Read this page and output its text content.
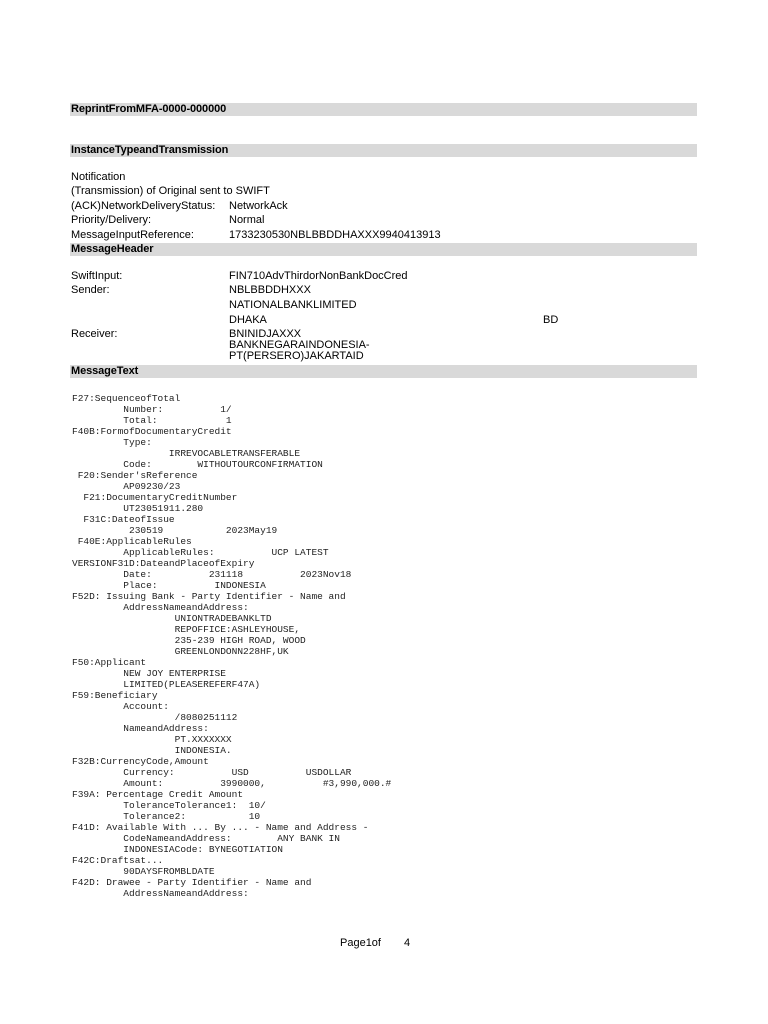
ReprintFromMFA-0000-000000
InstanceTypeandTransmission
Notification
(Transmission) of Original sent to SWIFT
(ACK)NetworkDeliveryStatus: NetworkAck
Priority/Delivery:	Normal
MessageInputReference:	1733230530NBLBBDDHAXXX9940413913
MessageHeader
SwiftInput:	FIN710AdvThirdorNonBankDocCred
Sender:	NBLBBDDHXXX
NATIONALBANKLIMITED
DHAKA	BD
Receiver:	BNINIDJAXXX
BANKNEGARAINDONESIA-
PT(PERSERO)JAKARTAID
MessageText
F27:SequenceofTotal
Number:          1/
Total:            1
F40B:FormofDocumentaryCredit
Type:
IRREVOCABLETRANSFERABLE
Code:        WITHOUTOURCONFIRMATION
F20:Sender'sReference
AP09230/23
F21:DocumentaryCreditNumber
UT23051911.280
F31C:DateofIssue
230519           2023May19
F40E:ApplicableRules
ApplicableRules:          UCP LATEST
VERSIONF31D:DateandPlaceofExpiry
Date:          231118          2023Nov18
Place:          INDONESIA
F52D: Issuing Bank - Party Identifier - Name and
AddressNameandAddress:
UNIONTRADEBANKLTD
REPOFFICE:ASHLEYHOUSE,
235-239 HIGH ROAD, WOOD
GREENLONDONN228HF,UK
F50:Applicant
NEW JOY ENTERPRISE
LIMITED(PLEASEREFERF47A)
F59:Beneficiary
Account:
/8080251112
NameandAddress:
PT.XXXXXXX
INDONESIA.
F32B:CurrencyCode,Amount
Currency:          USD          USDOLLAR
Amount:          3990000,          #3,990,000.#
F39A: Percentage Credit Amount
ToleranceTolerance1:  10/
Tolerance2:           10
F41D: Available With ... By ... - Name and Address -
CodeNameandAddress:        ANY BANK IN
INDONESIACode: BYNEGOTIATION
F42C:Draftsat...
90DAYSFROMBLDATE
F42D: Drawee - Party Identifier - Name and
AddressNameandAddress:
Page1of 4
